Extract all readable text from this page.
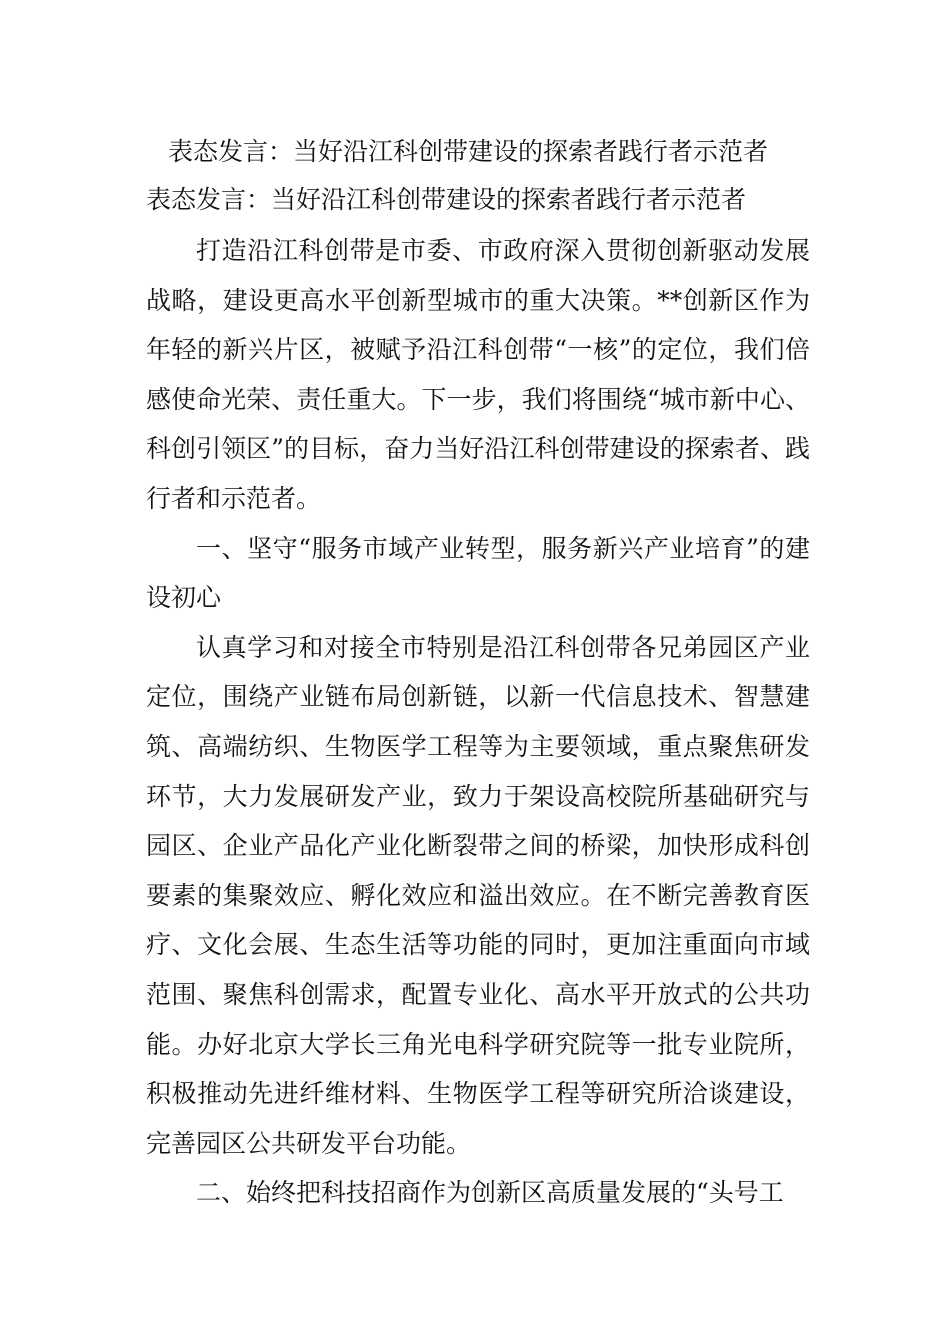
表态发言：当好沿江科创带建设的探索者践行者示范者
表态发言：当好沿江科创带建设的探索者践行者示范者

打造沿江科创带是市委、市政府深入贯彻创新驱动发展战略，建设更高水平创新型城市的重大决策。**创新区作为年轻的新兴片区，被赋予沿江科创带“一核”的定位，我们倍感使命光荣、责任重大。下一步，我们将围绕“城市新中心、科创引领区”的目标，奋力当好沿江科创带建设的探索者、践行者和示范者。

一、坚守“服务市域产业转型，服务新兴产业培育”的建设初心

认真学习和对接全市特别是沿江科创带各兄弟园区产业定位，围绕产业链布局创新链，以新一代信息技术、智慧建筑、高端纺织、生物医学工程等为主要领域，重点聚焦研发环节，大力发展研发产业，致力于架设高校院所基础研究与园区、企业产品化产业化断裂带之间的桥梁，加快形成科创要素的集聚效应、孵化效应和溢出效应。在不断完善教育医疗、文化会展、生态生活等功能的同时，更加注重面向市域范围、聚焦科创需求，配置专业化、高水平开放式的公共功能。办好北京大学长三角光电科学研究院等一批专业院所，积极推动先进纤维材料、生物医学工程等研究所洽谈建设，完善园区公共研发平台功能。

二、始终把科技招商作为创新区高质量发展的“头号工
